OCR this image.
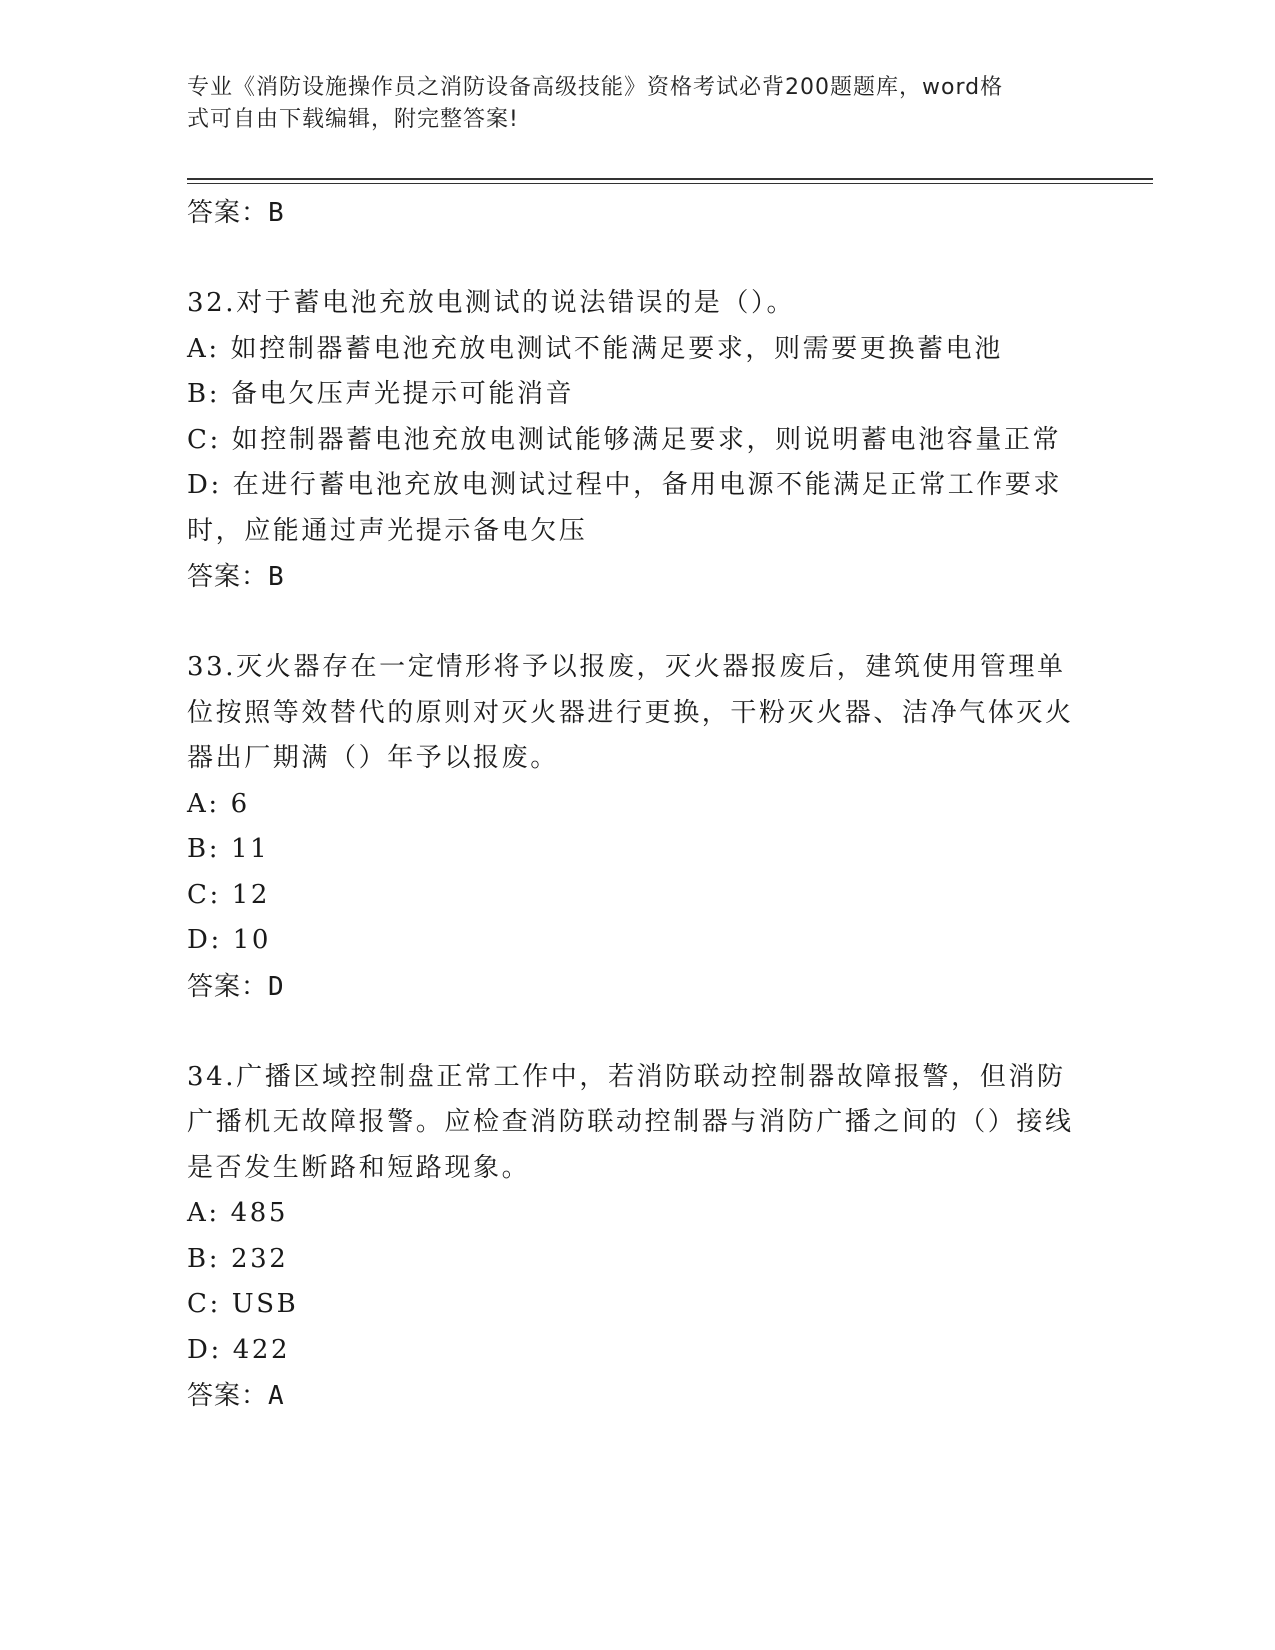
专业《消防设施操作员之消防设备高级技能》资格考试必背200题题库，word格
式可自由下载编辑，附完整答案!
答案：B
32.对于蓄电池充放电测试的说法错误的是（）。
A: 如控制器蓄电池充放电测试不能满足要求，则需要更换蓄电池
B: 备电欠压声光提示可能消音
C: 如控制器蓄电池充放电测试能够满足要求，则说明蓄电池容量正常
D: 在进行蓄电池充放电测试过程中，备用电源不能满足正常工作要求时，应能通过声光提示备电欠压
答案：B
33.灭火器存在一定情形将予以报废，灭火器报废后，建筑使用管理单位按照等效替代的原则对灭火器进行更换，干粉灭火器、洁净气体灭火器出厂期满（）年予以报废。
A: 6
B: 11
C: 12
D: 10
答案：D
34.广播区域控制盘正常工作中，若消防联动控制器故障报警，但消防广播机无故障报警。应检查消防联动控制器与消防广播之间的（）接线是否发生断路和短路现象。
A: 485
B: 232
C: USB
D: 422
答案：A
